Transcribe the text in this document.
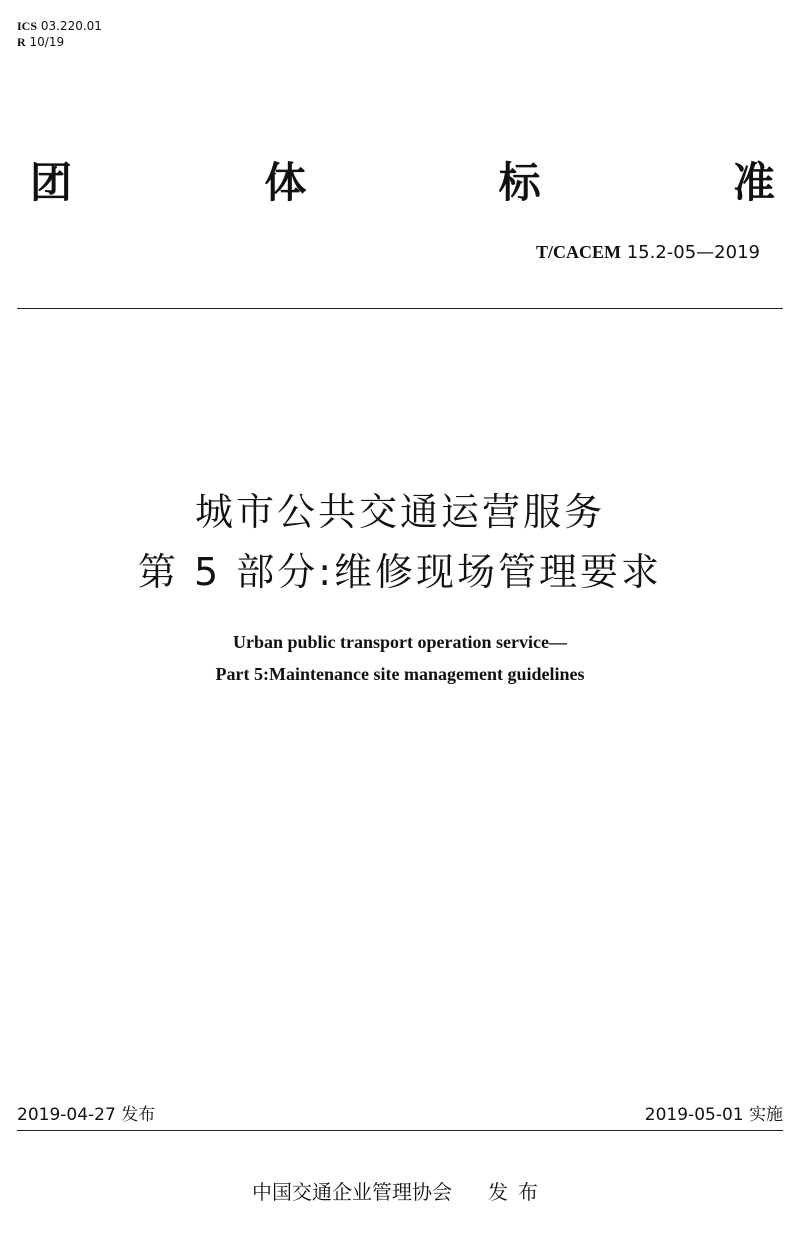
ICS 03.220.01
R 10/19
团	体	标	准
T/CACEM 15.2-05—2019
城市公共交通运营服务
第 5 部分:维修现场管理要求
Urban public transport operation service—
Part 5:Maintenance site management guidelines
2019-04-27 发布	2019-05-01 实施
中国交通企业管理协会 发布
